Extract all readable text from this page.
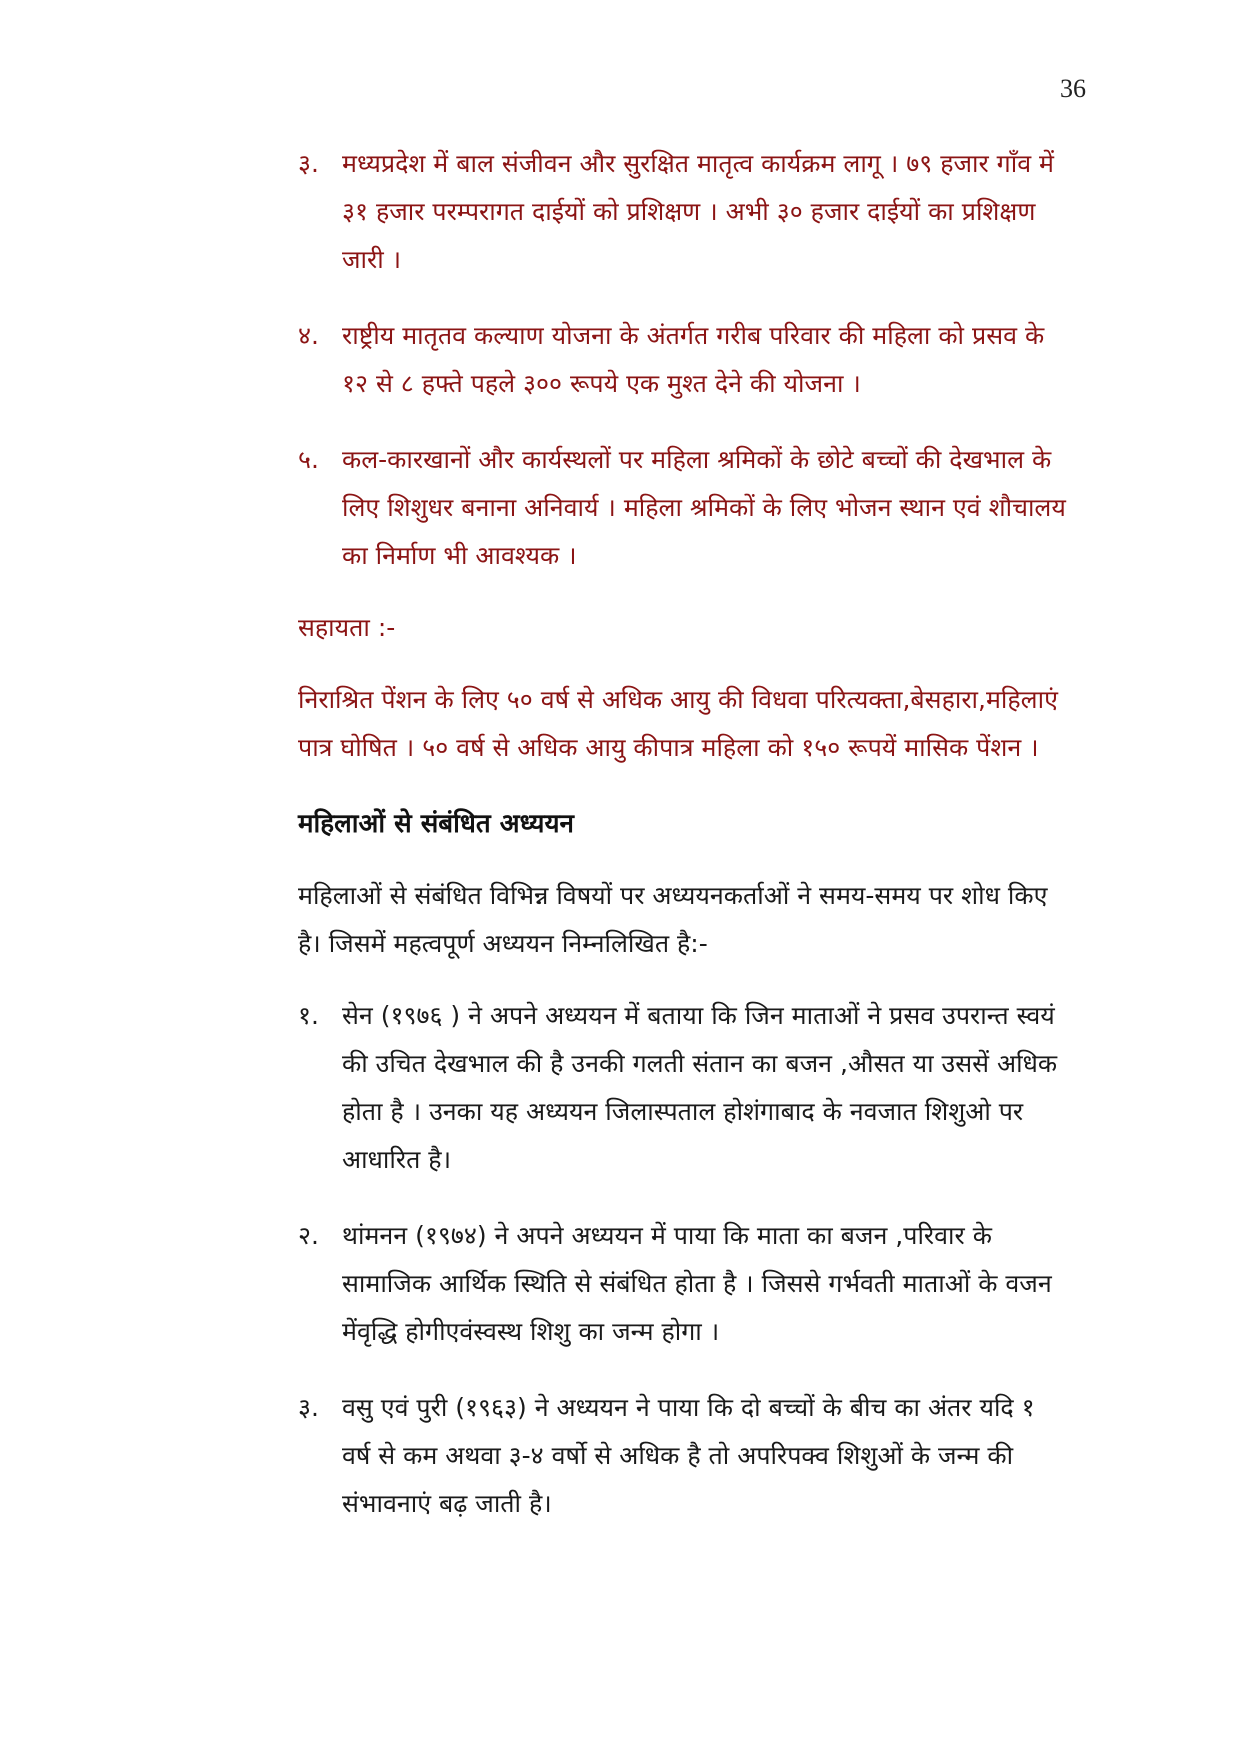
36
३. मध्यप्रदेश में बाल संजीवन और सुरक्षित मातृत्व कार्यक्रम लागू । ७९ हजार गाँव में ३१ हजार परम्परागत दाईयों को प्रशिक्षण । अभी ३० हजार दाईयों का प्रशिक्षण जारी ।
४. राष्ट्रीय मातृतव कल्याण योजना के अंतर्गत गरीब परिवार की महिला को प्रसव के १२ से ८ हफ्ते पहले ३०० रूपये एक मुश्त देने की योजना ।
५. कल-कारखानों और कार्यस्थलों पर महिला श्रमिकों के छोटे बच्चों की देखभाल के लिए शिशुधर बनाना अनिवार्य । महिला श्रमिकों के लिए भोजन स्थान एवं शौचालय का निर्माण भी आवश्यक ।
सहायता :-
निराश्रित पेंशन के लिए ५० वर्ष से अधिक आयु की विधवा परित्यक्ता,बेसहारा,महिलाएं पात्र घोषित । ५० वर्ष से अधिक आयु कीपात्र महिला को १५० रूपयें मासिक पेंशन ।
महिलाओं से संबंधित अध्ययन
महिलाओं से संबंधित विभिन्न विषयों पर अध्ययनकर्ताओं ने समय-समय पर शोध किए है। जिसमें महत्वपूर्ण अध्ययन निम्नलिखित है:-
१. सेन (१९७६ ) ने अपने अध्ययन में बताया कि जिन माताओं ने प्रसव उपरान्त स्वयं की उचित देखभाल की है उनकी गलती संतान का बजन ,औसत या उससें अधिक होता है । उनका यह अध्ययन जिलास्पताल होशंगाबाद के नवजात शिशुओ पर आधारित है।
२. थांमनन (१९७४) ने अपने अध्ययन में पाया कि माता का बजन ,परिवार के सामाजिक आर्थिक स्थिति से संबंधित होता है । जिससे गर्भवती माताओं के वजन मेंवृद्धि होगीएवंस्वस्थ शिशु का जन्म होगा ।
३. वसु एवं पुरी (१९६३) ने अध्ययन ने पाया कि दो बच्चों के बीच का अंतर यदि १ वर्ष से कम अथवा ३-४ वर्षो से अधिक है तो अपरिपक्व शिशुओं के जन्म की संभावनाएं बढ़ जाती है।
